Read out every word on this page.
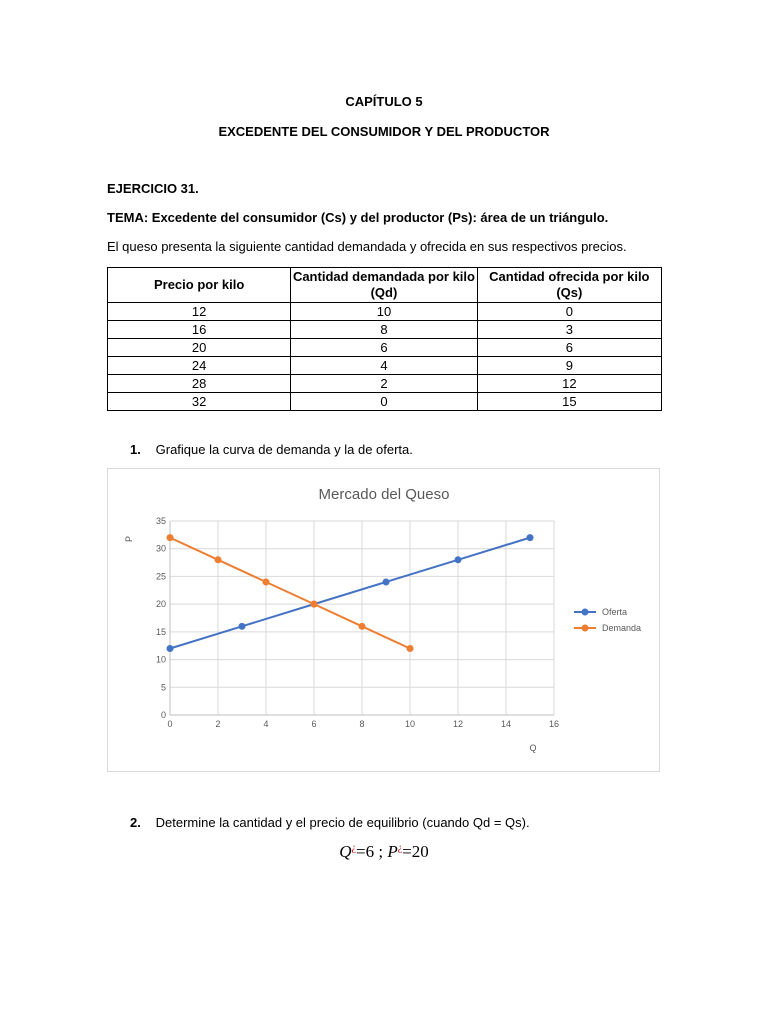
CAPÍTULO 5
EXCEDENTE DEL CONSUMIDOR Y DEL PRODUCTOR
EJERCICIO 31.
TEMA: Excedente del consumidor (Cs) y del productor (Ps): área de un triángulo.
El queso presenta la siguiente cantidad demandada y ofrecida en sus respectivos precios.
Precio por kilo	Cantidad demandada por kilo (Qd)	Cantidad ofrecida por kilo (Qs)
12	10	0
16	8	3
20	6	6
24	4	9
28	2	12
32	0	15
1. Grafique la curva de demanda y la de oferta.
0	2	4	6	8	10	12	14	16
0
5
10
15
20
25
30
35
Oferta
Demanda
Mercado del Queso
Q
P
2. Determine la cantidad y el precio de equilibrio (cuando Qd = Qs).
Q¿=6 ; P¿=20
